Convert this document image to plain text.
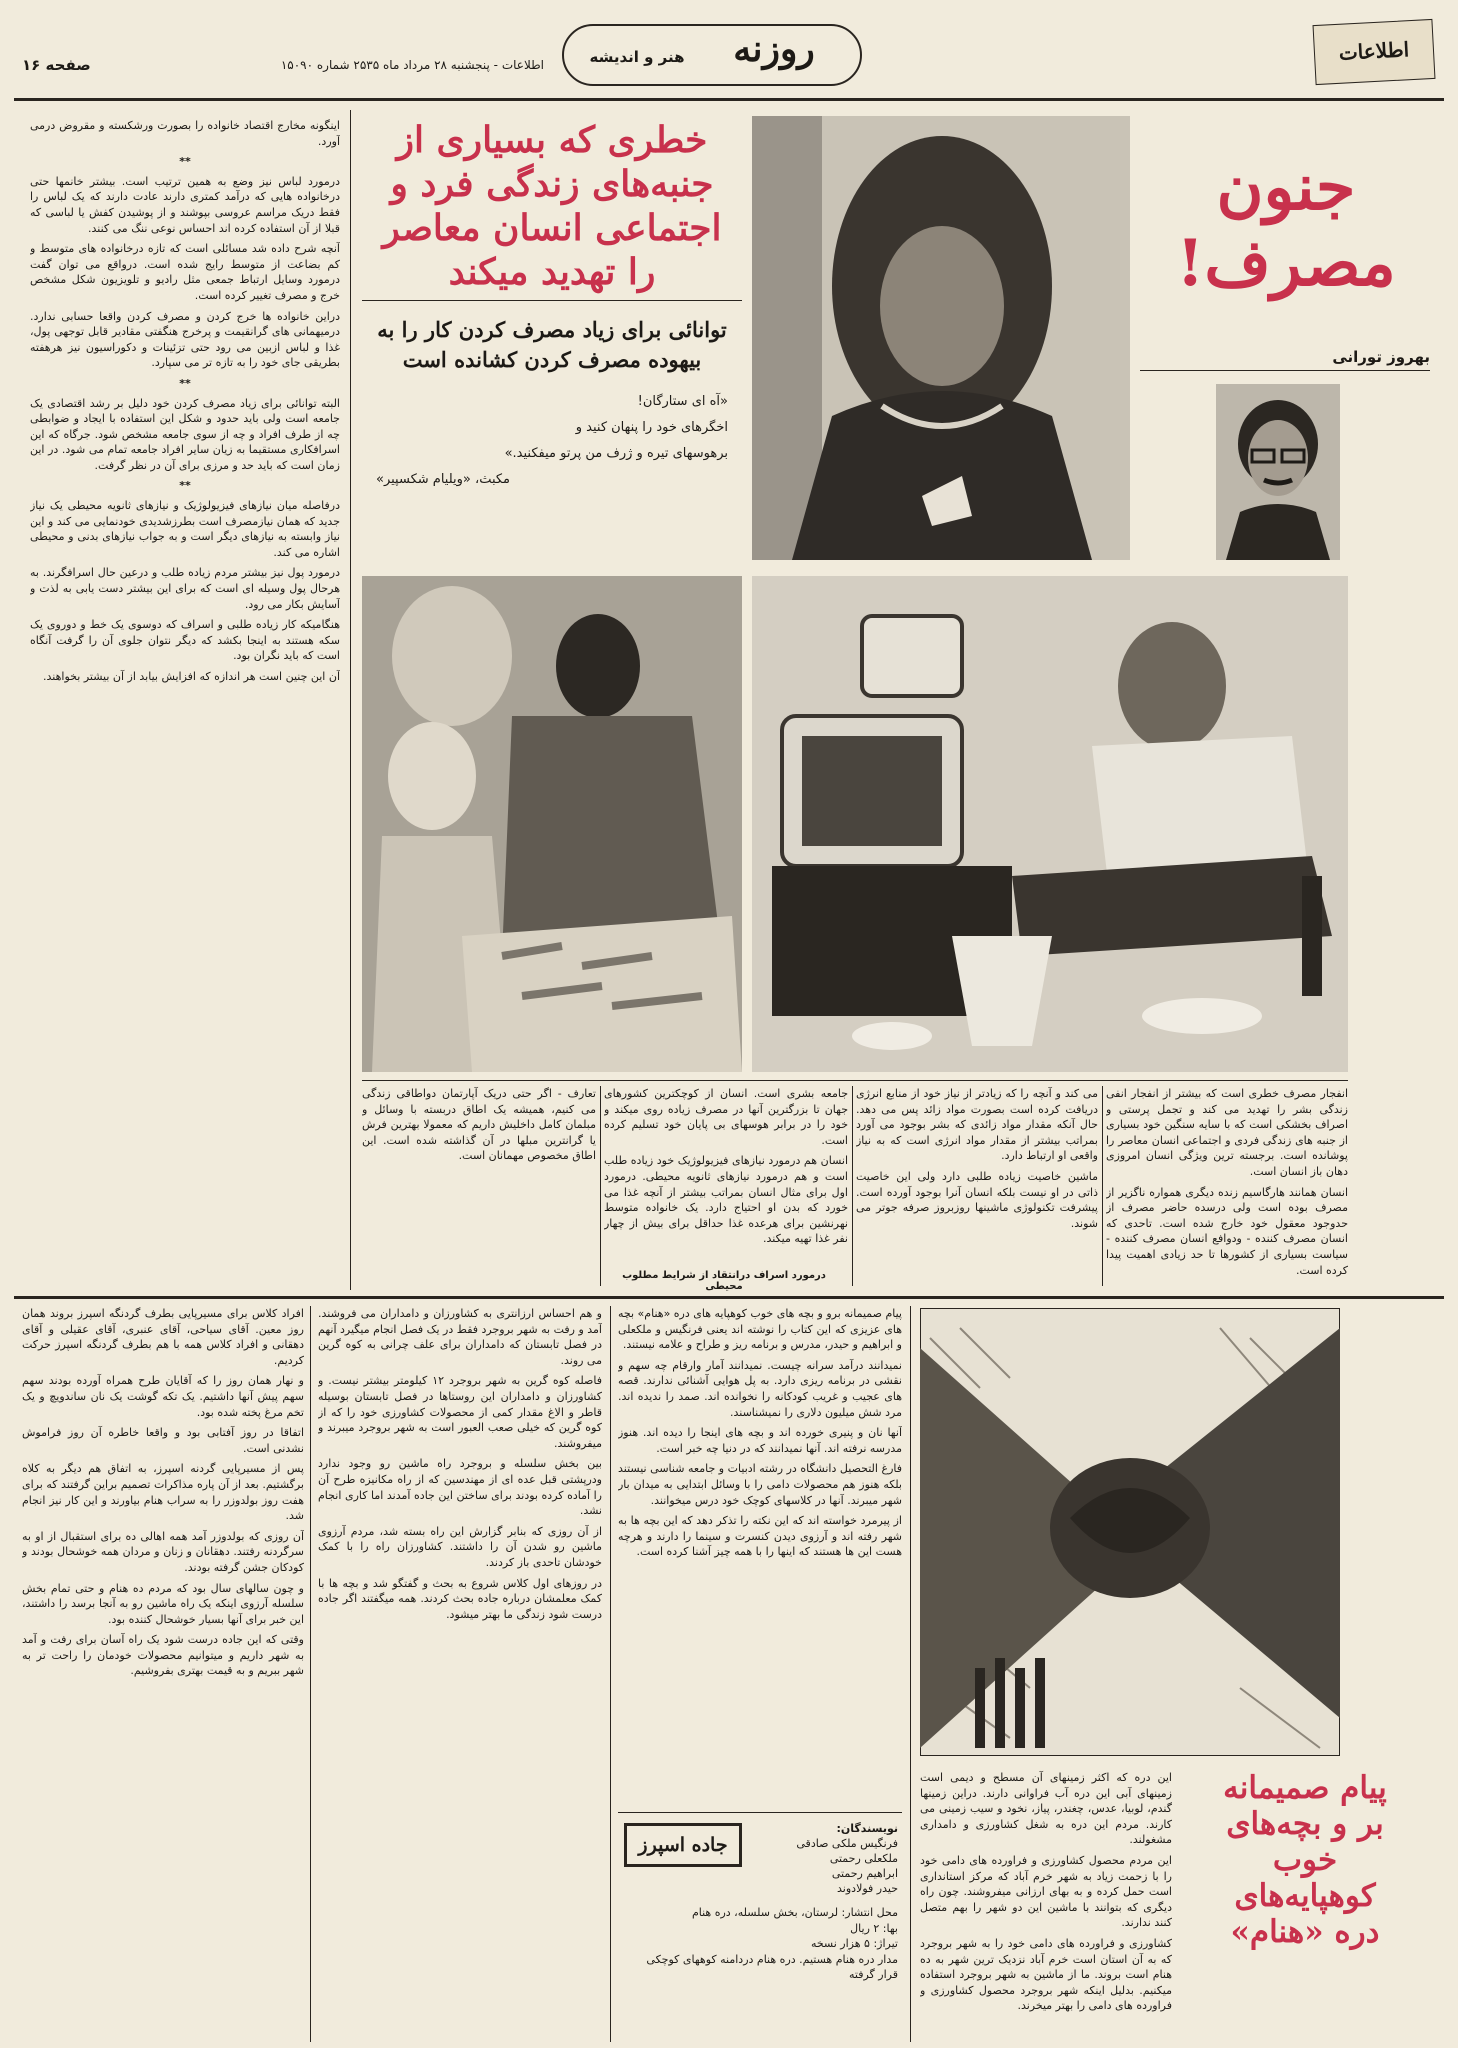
صفحه ۱۶	اطلاعات - پنجشنبه ۲۸ مرداد ماه ۲۵۳۵ شماره ۱۵۰۹۰	روزنه
هنر و اندیشه	اطلاعات

اینگونه مخارج اقتصاد خانواده را بصورت ورشکسته و مقروض درمی آورد.

**

درمورد لباس نیز وضع به همین ترتیب است. بیشتر خانمها حتی درخانواده هایی که درآمد کمتری دارند عادت دارند که یک لباس را فقط دریک مراسم عروسی بپوشند و از پوشیدن کفش یا لباسی که قبلا از آن استفاده کرده اند احساس نوعی ننگ می کنند.

آنچه شرح داده شد مسائلی است که تازه درخانواده های متوسط و کم بضاعت از متوسط رایج شده است. درواقع می توان گفت درمورد وسایل ارتباط جمعی مثل رادیو و تلویزیون شکل مشخص خرج و مصرف تغییر کرده است.

دراین خانواده ها خرج کردن و مصرف کردن واقعا حسابی ندارد. درمیهمانی های گرانقیمت و پرخرج هنگفتی مقادیر قابل توجهی پول، غذا و لباس ازبین می رود حتی تزئینات و دکوراسیون نیز هرهفته بطریقی جای خود را به تازه تر می سپارد.

**

البته توانائی برای زیاد مصرف کردن خود دلیل بر رشد اقتصادی یک جامعه است ولی باید حدود و شکل این استفاده با ایجاد و ضوابطی چه از طرف افراد و چه از سوی جامعه مشخص شود. جرگاه که این اسرافکاری مستقیما به زیان سایر افراد جامعه تمام می شود. در این زمان است که باید حد و مرزی برای آن در نظر گرفت.

**

درفاصله میان نیازهای فیزیولوژیک و نیازهای ثانویه محیطی یک نیاز جدید که همان نیازمصرف است بطرزشدیدی خودنمایی می کند و این نیاز وابسته به نیازهای دیگر است و به جواب نیازهای بدنی و محیطی اشاره می کند.

درمورد پول نیز بیشتر مردم زیاده طلب و درعین حال اسرافگرند. به هرحال پول وسیله ای است که برای این بیشتر دست یابی به لذت و آسایش بکار می رود.

هنگامیکه کار زیاده طلبی و اسراف که دوسوی یک خط و دوروی یک سکه هستند به اینجا بکشد که دیگر نتوان جلوی آن را گرفت آنگاه است که باید نگران بود.

آن این چنین است هر اندازه که افزایش بیابد از آن بیشتر بخواهند.

خطری که بسیاری از جنبه‌های زندگی فرد و اجتماعی انسان معاصر را تهدید میکند
توانائی برای زیاد مصرف کردن کار را به بیهوده مصرف کردن کشانده است
«آه ای ستارگان!
اخگرهای خود را پنهان کنید و
برهوسهای تیره و ژرف من پرتو میفکنید.»
مکبث، «ویلیام شکسپیر»
جنون
مصرف!
بهروز تورانی

انفجار مصرف خطری است که بیشتر از انفجار انفی زندگی بشر را تهدید می کند و تجمل پرستی و اصراف بخشکی است که با سایه سنگین خود بسیاری از جنبه های زندگی فردی و اجتماعی انسان معاصر را پوشانده است. برجسته ترین ویژگی انسان امروزی دهان باز انسان است.

انسان همانند هارگاسیم زنده دیگری همواره ناگزیر از مصرف بوده است ولی درسده حاضر مصرف از حدوجود معقول خود خارج شده است. تاحدی که انسان مصرف کننده - ودوافع انسان مصرف کننده - سیاست بسیاری از کشورها تا حد زیادی اهمیت پیدا کرده است.

می کند و آنچه را که زیادتر از نیاز خود از منابع انرژی دریافت کرده است بصورت مواد زائد پس می دهد. حال آنکه مقدار مواد زائدی که بشر بوجود می آورد بمراتب بیشتر از مقدار مواد انرژی است که به نیاز واقعی او ارتباط دارد.

ماشین خاصیت زیاده طلبی دارد ولی این خاصیت ذاتی در او نیست بلکه انسان آنرا بوجود آورده است. پیشرفت تکنولوژی ماشینها روزبروز صرفه جوتر می شوند.

جامعه بشری است. انسان از کوچکترین کشورهای جهان تا بزرگترین آنها در مصرف زیاده روی میکند و خود را در برابر هوسهای بی پایان خود تسلیم کرده است.

انسان هم درمورد نیازهای فیزیولوژیک خود زیاده طلب است و هم درمورد نیازهای ثانویه محیطی. درمورد اول برای مثال انسان بمراتب بیشتر از آنچه غذا می خورد که بدن او احتیاج دارد. یک خانواده متوسط نهرنشین برای هرعده غذا حداقل برای بیش از چهار نفر غذا تهیه میکند.

تعارف - اگر حتی دریک آپارتمان دواطاقی زندگی می کنیم، همیشه یک اطاق دربسته با وسائل و مبلمان کامل داخلیش داریم که معمولا بهترین فرش یا گرانترین مبلها در آن گذاشته شده است. این اطاق مخصوص مهمانان است.

درمورد اسراف درانتقاد از شرایط مطلوب محیطی
پیام صمیمانه
بر و بچه‌های
خوب
کوهپایه‌های
دره «هنام»

این دره که اکثر زمینهای آن مسطح و دیمی است زمینهای آبی این دره آب فراوانی دارند. دراین زمینها گندم، لوبیا، عدس، چغندر، پیاز، نخود و سیب زمینی می کارند. مردم این دره به شغل کشاورزی و دامداری مشغولند.

این مردم محصول کشاورزی و فراورده های دامی خود را با زحمت زیاد به شهر خرم آباد که مرکز استانداری است حمل کرده و به بهای ارزانی میفروشند. چون راه دیگری که بتوانند با ماشین این دو شهر را بهم متصل کنند ندارند.

کشاورزی و فراورده های دامی خود را به شهر بروجرد که به آن استان است خرم آباد نزدیک ترین شهر به ده هنام است بروند. ما از ماشین به شهر بروجرد استفاده میکنیم. بدلیل اینکه شهر بروجرد محصول کشاورزی و فراورده های دامی را بهتر میخرند.

پیام صمیمانه برو و بچه های خوب کوهپایه های دره «هنام» بچه های عزیزی که این کتاب را نوشته اند یعنی فرنگیس و ملکعلی و ابراهیم و حیدر، مدرس و برنامه ریز و طراح و علامه نیستند.

نمیدانند درآمد سرانه چیست. نمیدانند آمار وارقام چه سهم و نقشی در برنامه ریزی دارد. به پل هوایی آشنائی ندارند. قصه های عجیب و غریب کودکانه را نخوانده اند. صمد را ندیده اند. مرد شش میلیون دلاری را نمیشناسند.

آنها نان و پنیری خورده اند و بچه های اینجا را دیده اند. هنوز مدرسه نرفته اند. آنها نمیدانند که در دنیا چه خبر است.

فارغ التحصیل دانشگاه در رشته ادبیات و جامعه شناسی نیستند بلکه هنوز هم محصولات دامی را با وسائل ابتدایی به میدان بار شهر میبرند. آنها در کلاسهای کوچک خود درس میخوانند.

از پیرمرد خواسته اند که این نکته را تذکر دهد که این بچه ها به شهر رفته اند و آرزوی دیدن کنسرت و سینما را دارند و هرچه هست این ها هستند که اینها را با همه چیز آشنا کرده است.

جاده اسپرز
نویسندگان:
فرنگیس ملکی صادقی
ملکعلی رحمتی
ابراهیم رحمتی
حیدر فولادوند
محل انتشار: لرستان، بخش سلسله، دره هنام
بها: ۲ ریال
تیراژ: ۵ هزار نسخه
مدار دره هنام هستیم. دره هنام دردامنه کوههای کوچکی قرار گرفته

و هم احساس ارزانتری به کشاورزان و دامداران می فروشند. آمد و رفت به شهر بروجرد فقط در یک فصل انجام میگیرد آنهم در فصل تابستان که دامداران برای علف چرانی به کوه گرین می روند.

فاصله کوه گرین به شهر بروجرد ۱۲ کیلومتر بیشتر نیست. و کشاورزان و دامداران این روستاها در فصل تابستان بوسیله قاطر و الاغ مقدار کمی از محصولات کشاورزی خود را که از کوه گرین که خیلی صعب العبور است به شهر بروجرد میبرند و میفروشند.

بین بخش سلسله و بروجرد راه ماشین رو وجود ندارد ودرپشتی قبل عده ای از مهندسین که از راه مکانیزه طرح آن را آماده کرده بودند برای ساختن این جاده آمدند اما کاری انجام نشد.

از آن روزی که بنابر گزارش این راه بسته شد، مردم آرزوی ماشین رو شدن آن را داشتند. کشاورزان راه را با کمک خودشان تاحدی باز کردند.

در روزهای اول کلاس شروع به بحث و گفتگو شد و بچه ها با کمک معلمشان درباره جاده بحث کردند. همه میگفتند اگر جاده درست شود زندگی ما بهتر میشود.

افراد کلاس برای مسیرپایی بطرف گردنگه اسپرز بروند همان روز معین. آقای سیاحی، آقای عنبری، آقای عقیلی و آقای دهقانی و افراد کلاس همه با هم بطرف گردنگه اسپرز حرکت کردیم.

و نهار همان روز را که آقایان طرح همراه آورده بودند سهم سهم پیش آنها داشتیم. یک تکه گوشت یک نان ساندویچ و یک تخم مرغ پخته شده بود.

اتفاقا در روز آفتابی بود و واقعا خاطره آن روز فراموش نشدنی است.

پس از مسیرپایی گردنه اسپرز، به اتفاق هم دیگر به کلاه برگشتیم. بعد از آن پاره مذاکرات تصمیم براین گرفتند که برای هفت روز بولدوزر را به سراب هنام بیاورند و این کار نیز انجام شد.

آن روزی که بولدوزر آمد همه اهالی ده برای استقبال از او به سرگردنه رفتند. دهقانان و زنان و مردان همه خوشحال بودند و کودکان جشن گرفته بودند.

و چون سالهای سال بود که مردم ده هنام و حتی تمام بخش سلسله آرزوی اینکه یک راه ماشین رو به آنجا برسد را داشتند، این خبر برای آنها بسیار خوشحال کننده بود.

وقتی که این جاده درست شود یک راه آسان برای رفت و آمد به شهر داریم و میتوانیم محصولات خودمان را راحت تر به شهر ببریم و به قیمت بهتری بفروشیم.
